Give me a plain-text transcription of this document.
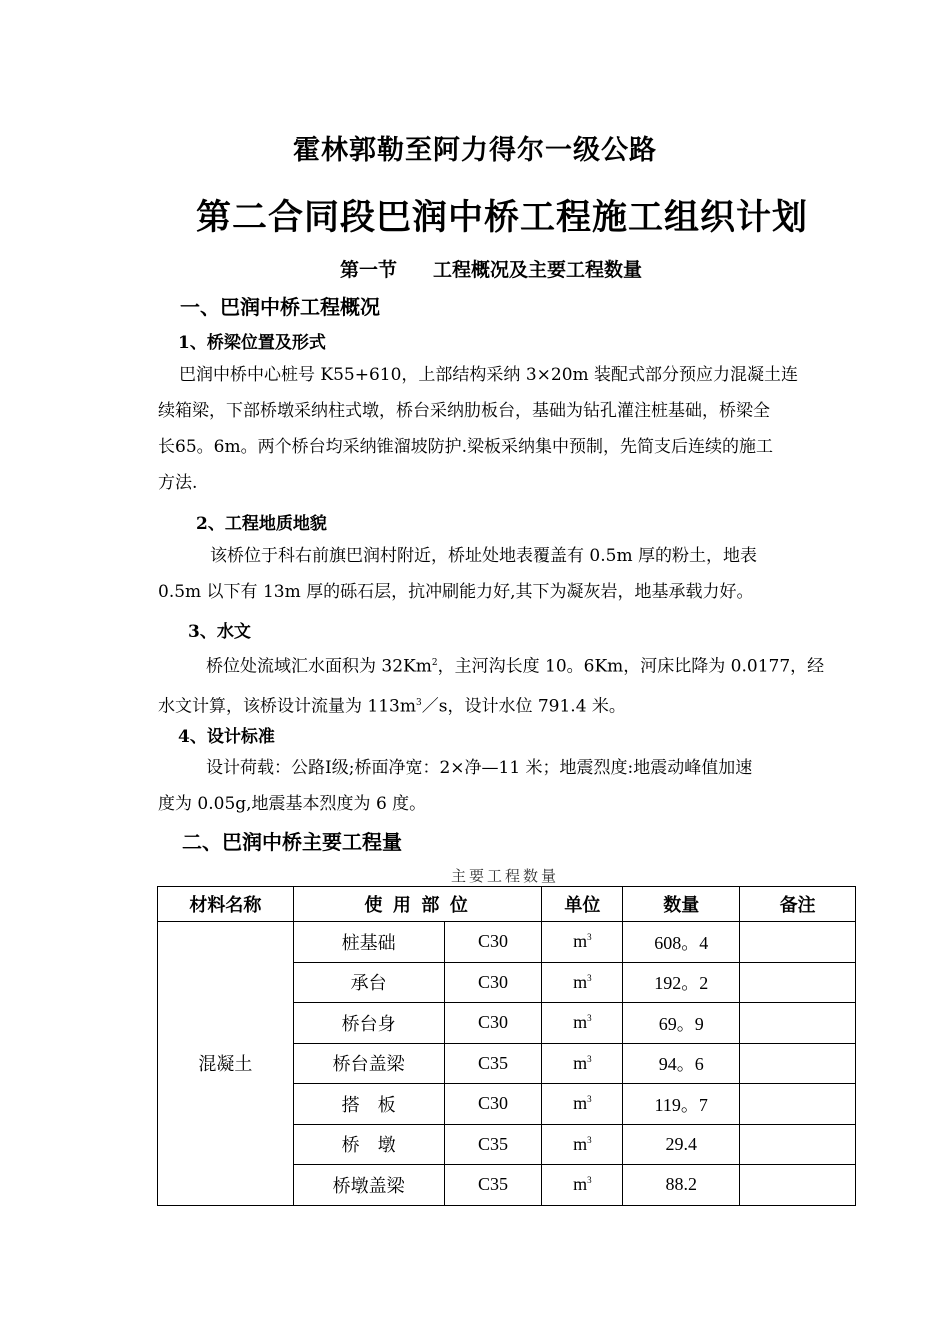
霍林郭勒至阿力得尔一级公路
第二合同段巴润中桥工程施工组织计划
第一节 工程概况及主要工程数量
一、巴润中桥工程概况
1、桥梁位置及形式
巴润中桥中心桩号 K55+610，上部结构采纳 3×20m 装配式部分预应力混凝土连
续箱梁，下部桥墩采纳柱式墩，桥台采纳肋板台，基础为钻孔灌注桩基础，桥梁全
长65。6m。两个桥台均采纳锥溜坡防护.梁板采纳集中预制，先简支后连续的施工
方法.
2、工程地质地貌
该桥位于科右前旗巴润村附近，桥址处地表覆盖有 0.5m 厚的粉土，地表
0.5m 以下有 13m 厚的砾石层，抗冲刷能力好,其下为凝灰岩，地基承载力好。
3、水文
桥位处流域汇水面积为 32Km$^2$，主河沟长度 10。6Km，河床比降为 0.0177，经
水文计算，该桥设计流量为 $113m^3/s$，设计水位 791.4 米。
4、设计标准
设计荷载：公路Ⅰ级;桥面净宽：2×净—11 米；地震烈度:地震动峰值加速
度为 0.05g,地震基本烈度为 6 度。
二、巴润中桥主要工程量
主要工程数量
材料名称	使 用 部 位		单位	数量	备注
混凝土	桩基础	C30	$m^3$	608。4	
	承台	C30	$m^3$	192。2	
	桥台身	C30	$m^3$	69。9	
	桥台盖梁	C35	$m^3$	94。6	
	搭　板	C30	$m^3$	119。7	
	桥　墩	C35	$m^3$	29.4	
	桥墩盖梁	C35	$m^3$	88.2	
